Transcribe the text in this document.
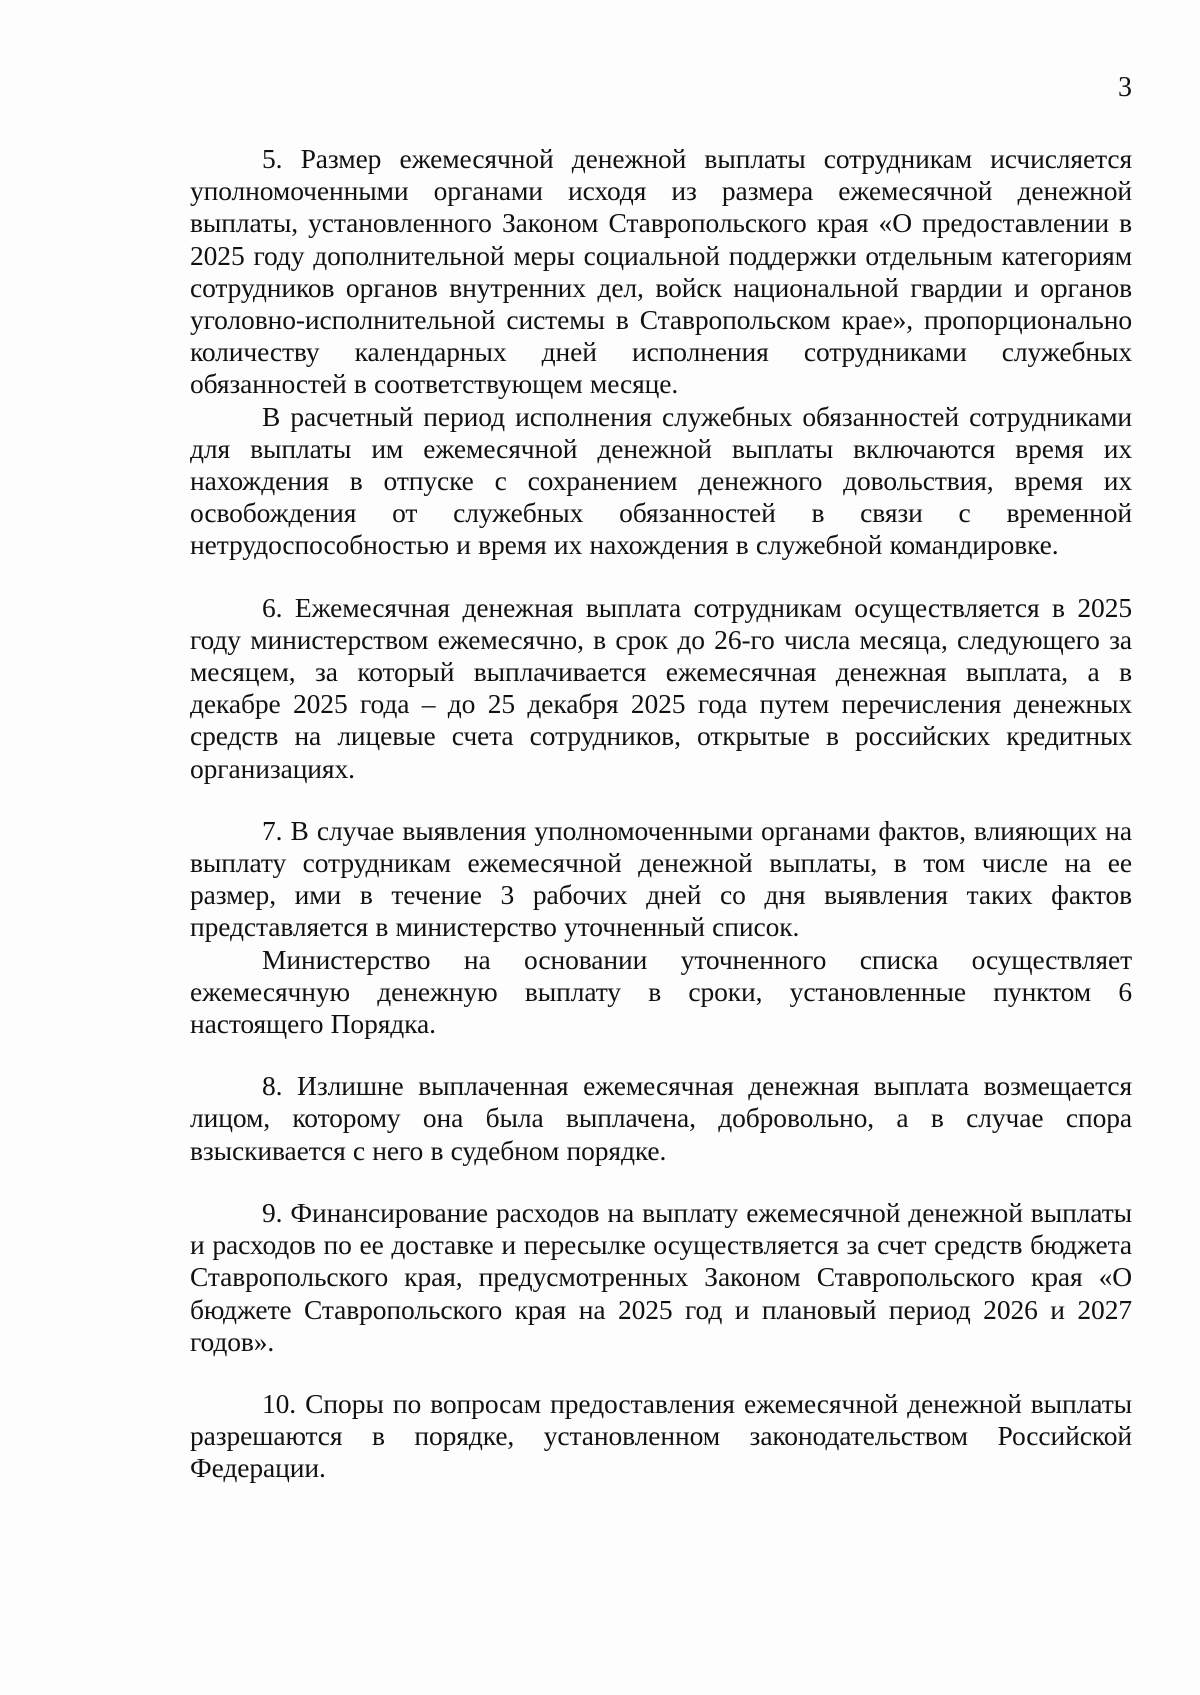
3

5. Размер ежемесячной денежной выплаты сотрудникам исчисляется уполномоченными органами исходя из размера ежемесячной денежной выплаты, установленного Законом Ставропольского края «О предоставлении в 2025 году дополнительной меры социальной поддержки отдельным категориям сотрудников органов внутренних дел, войск национальной гвардии и органов уголовно-исполнительной системы в Ставропольском крае», пропорционально количеству календарных дней исполнения сотрудниками служебных обязанностей в соответствующем месяце.

В расчетный период исполнения служебных обязанностей сотрудниками для выплаты им ежемесячной денежной выплаты включаются время их нахождения в отпуске с сохранением денежного довольствия, время их освобождения от служебных обязанностей в связи с временной нетрудоспособностью и время их нахождения в служебной командировке.

6. Ежемесячная денежная выплата сотрудникам осуществляется в 2025 году министерством ежемесячно, в срок до 26-го числа месяца, следующего за месяцем, за который выплачивается ежемесячная денежная выплата, а в декабре 2025 года – до 25 декабря 2025 года путем перечисления денежных средств на лицевые счета сотрудников, открытые в российских кредитных организациях.

7. В случае выявления уполномоченными органами фактов, влияющих на выплату сотрудникам ежемесячной денежной выплаты, в том числе на ее размер, ими в течение 3 рабочих дней со дня выявления таких фактов представляется в министерство уточненный список.

Министерство на основании уточненного списка осуществляет ежемесячную денежную выплату в сроки, установленные пунктом 6 настоящего Порядка.

8. Излишне выплаченная ежемесячная денежная выплата возмещается лицом, которому она была выплачена, добровольно, а в случае спора взыскивается с него в судебном порядке.

9. Финансирование расходов на выплату ежемесячной денежной выплаты и расходов по ее доставке и пересылке осуществляется за счет средств бюджета Ставропольского края, предусмотренных Законом Ставропольского края «О бюджете Ставропольского края на 2025 год и плановый период 2026 и 2027 годов».

10. Споры по вопросам предоставления ежемесячной денежной выплаты разрешаются в порядке, установленном законодательством Российской Федерации.
